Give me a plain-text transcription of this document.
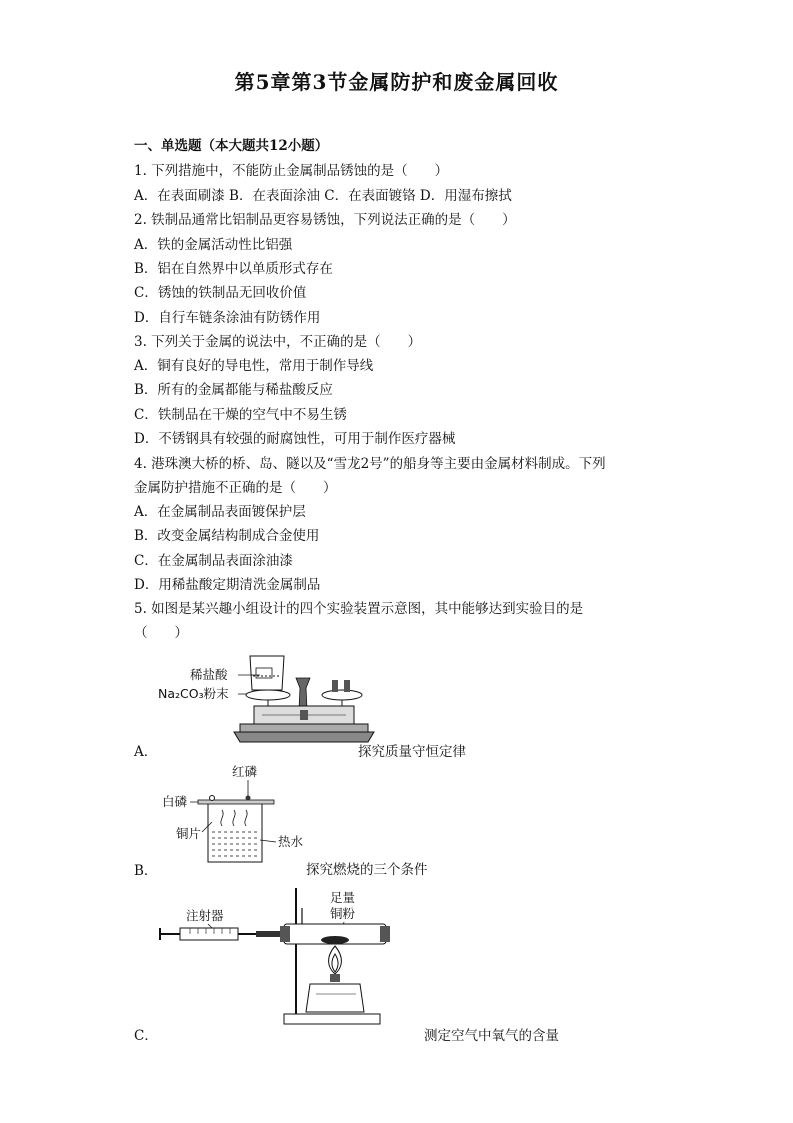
第5章第3节金属防护和废金属回收
一、单选题（本大题共12小题）
1. 下列措施中，不能防止金属制品锈蚀的是（　　）
A．在表面刷漆 B．在表面涂油 C．在表面镀铬 D．用湿布擦拭
2. 铁制品通常比铝制品更容易锈蚀，下列说法正确的是（　　）
A．铁的金属活动性比铝强
B．铝在自然界中以单质形式存在
C．锈蚀的铁制品无回收价值
D．自行车链条涂油有防锈作用
3. 下列关于金属的说法中，不正确的是（　　）
A．铜有良好的导电性，常用于制作导线
B．所有的金属都能与稀盐酸反应
C．铁制品在干燥的空气中不易生锈
D．不锈钢具有较强的耐腐蚀性，可用于制作医疗器械
4. 港珠澳大桥的桥、岛、隧以及“雪龙2号”的船身等主要由金属材料制成。下列
金属防护措施不正确的是（　　）
A．在金属制品表面镀保护层
B．改变金属结构制成合金使用
C．在金属制品表面涂油漆
D．用稀盐酸定期清洗金属制品
5. 如图是某兴趣小组设计的四个实验装置示意图，其中能够达到实验目的是
（　　）
A．	探究质量守恒定律
稀盐酸
Na₂CO₃粉末
B．	探究燃烧的三个条件
红磷
白磷
铜片
热水
C．	测定空气中氧气的含量
注射器
足量
铜粉
